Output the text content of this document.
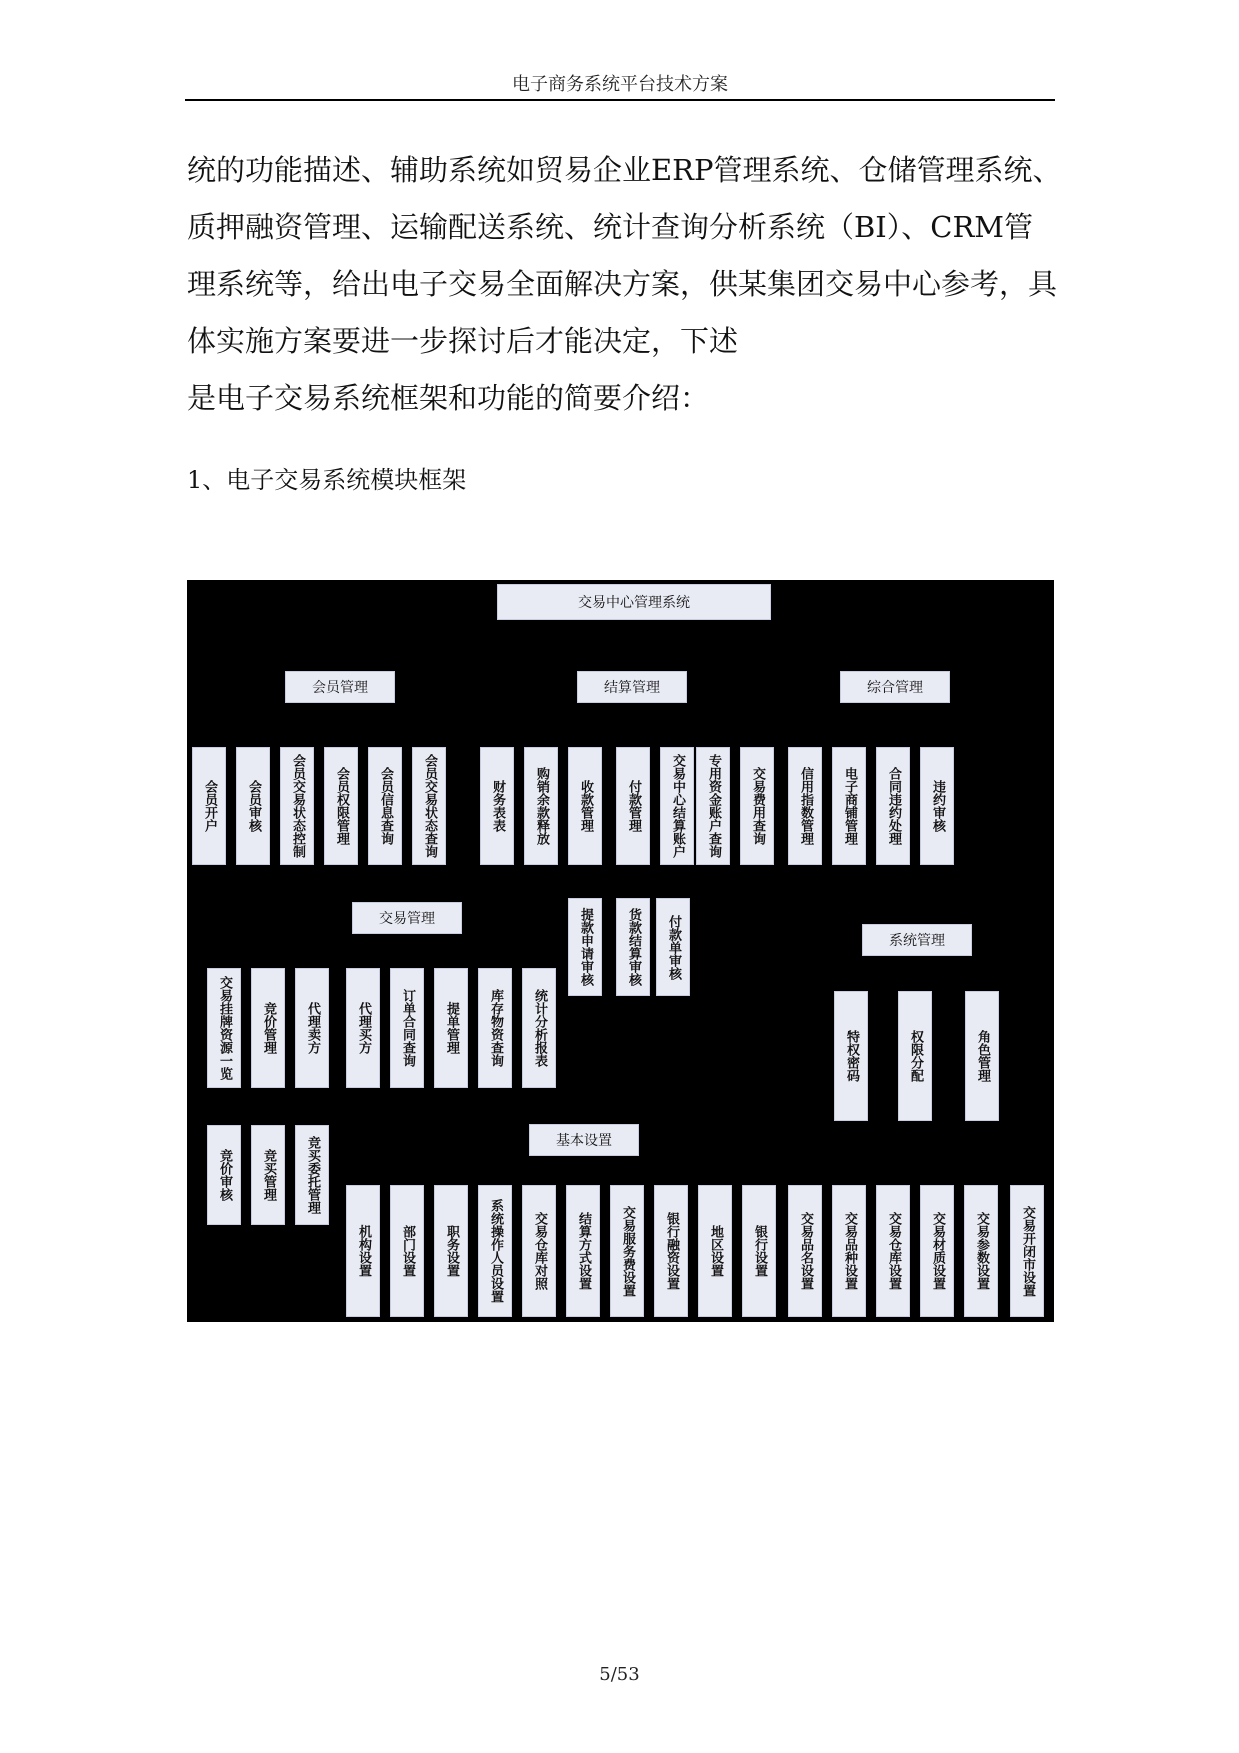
电子商务系统平台技术方案
统的功能描述、辅助系统如贸易企业ERP管理系统、仓储管理系统、
质押融资管理、运输配送系统、统计查询分析系统（BI）、CRM管
理系统等，给出电子交易全面解决方案，供某集团交易中心参考，具
体实施方案要进一步探讨后才能决定，下述
是电子交易系统框架和功能的简要介绍：
1、电子交易系统模块框架
交易中心管理系统
会员管理	结算管理	综合管理
交易管理
系统管理
基本设置
会员开户	会员审核	会员交易状态控制	会员权限管理	会员信息查询	会员交易状态查询	财务表表	购销余款释放	收款管理	付款管理	交易中心结算账户	专用资金账户查询	交易费用查询
提款申请审核	货款结算审核	付款单审核
信用指数管理	电子商铺管理	合同违约处理	违约审核
交易挂牌资源一览	竞价管理	代理卖方	代理买方	订单合同查询	提单管理	库存物资查询	统计分析报表
竞价审核	竞买管理	竞买委托管理
特权密码	权限分配	角色管理
机构设置	部门设置	职务设置	系统操作人员设置	交易仓库对照	结算方式设置	交易服务费设置	银行融资设置	地区设置	银行设置	交易品名设置	交易品种设置	交易仓库设置	交易材质设置	交易参数设置	交易开闭市设置
5/53
